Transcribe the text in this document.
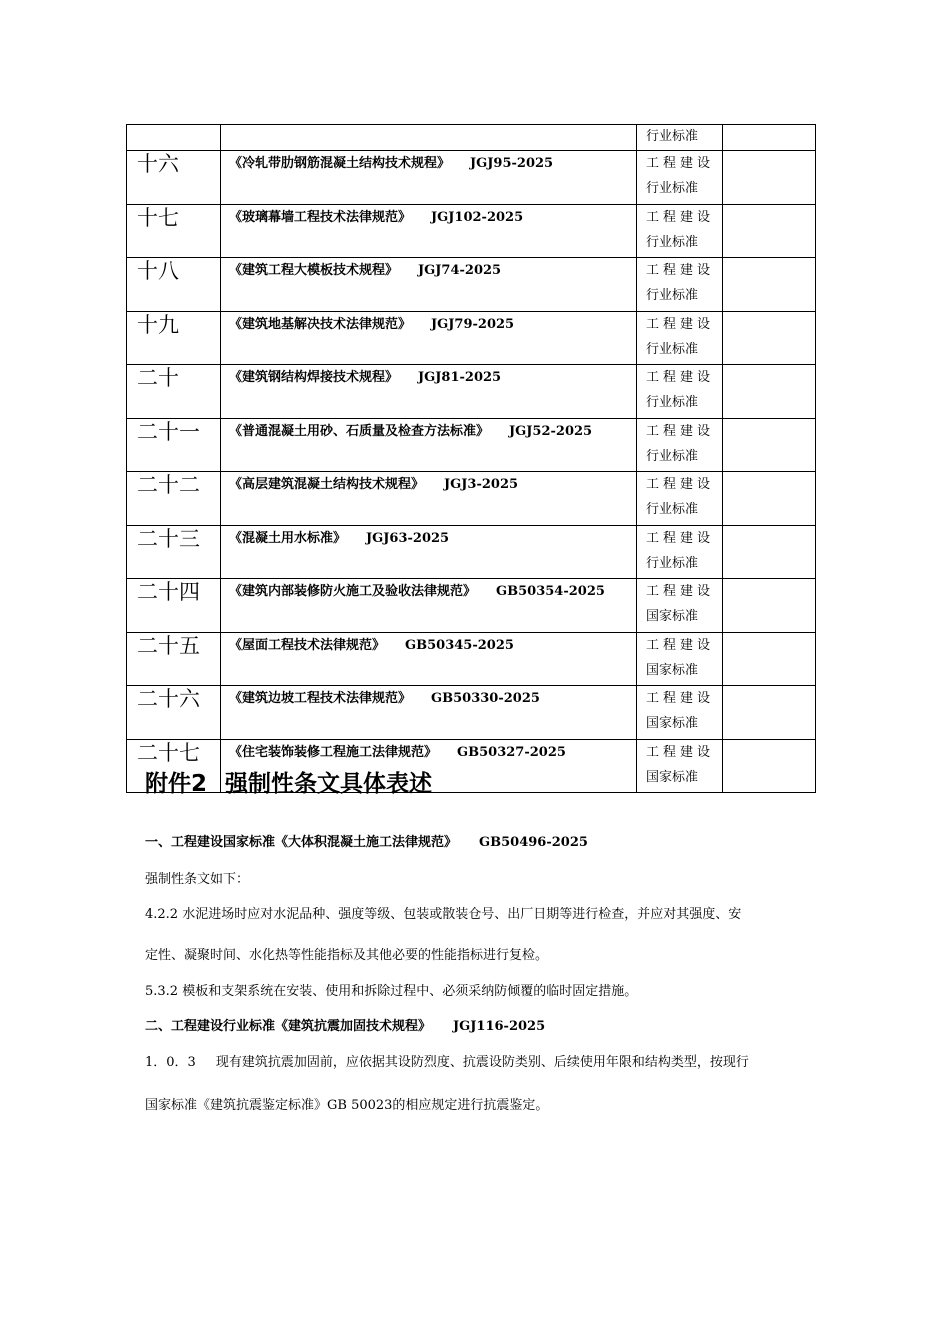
		行业标准	

十六	《冷轧带肋钢筋混凝土结构技术规程》 JGJ95-2025	工程建设
行业标准	

十七	《玻璃幕墙工程技术法律规范》 JGJ102-2025	工程建设
行业标准	

十八	《建筑工程大模板技术规程》 JGJ74-2025	工程建设
行业标准	

十九	《建筑地基解决技术法律规范》 JGJ79-2025	工程建设
行业标准	

二十	《建筑钢结构焊接技术规程》 JGJ81-2025	工程建设
行业标准	

二十一	《普通混凝土用砂、石质量及检查方法标准》 JGJ52-2025	工程建设
行业标准	

二十二	《高层建筑混凝土结构技术规程》 JGJ3-2025	工程建设
行业标准	

二十三	《混凝土用水标准》 JGJ63-2025	工程建设
行业标准	

二十四	《建筑内部装修防火施工及验收法律规范》 GB50354-2025	工程建设
国家标准	

二十五	《屋面工程技术法律规范》 GB50345-2025	工程建设
国家标准	

二十六	《建筑边坡工程技术法律规范》 GB50330-2025	工程建设
国家标准	

二十七	《住宅装饰装修工程施工法律规范》 GB50327-2025	工程建设
国家标准	

附件2 强制性条文具体表述
一、工程建设国家标准《大体积混凝土施工法律规范》 GB50496-2025
强制性条文如下：
4.2.2 水泥进场时应对水泥品种、强度等级、包装或散装仓号、出厂日期等进行检查，并应对其强度、安
定性、凝聚时间、水化热等性能指标及其他必要的性能指标进行复检。
5.3.2 模板和支架系统在安装、使用和拆除过程中、必须采纳防倾覆的临时固定措施。
二、工程建设行业标准《建筑抗震加固技术规程》 JGJ116-2025
1．0．3 现有建筑抗震加固前，应依据其设防烈度、抗震设防类别、后续使用年限和结构类型，按现行
国家标准《建筑抗震鉴定标准》GB 50023的相应规定进行抗震鉴定。
